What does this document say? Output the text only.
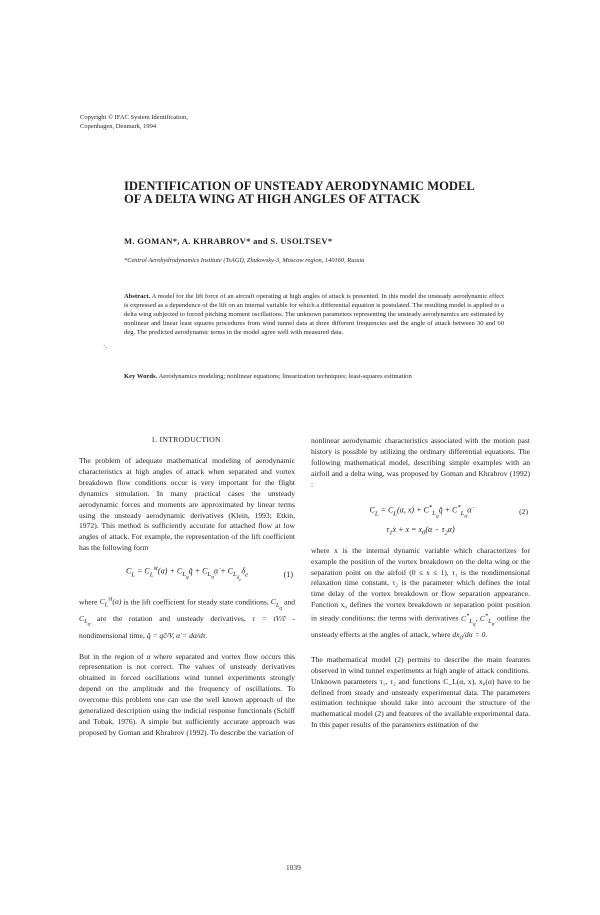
Copyright © IFAC System Identification,
Copenhagen, Denmark, 1994
IDENTIFICATION OF UNSTEADY AERODYNAMIC MODEL OF A DELTA WING AT HIGH ANGLES OF ATTACK
M. GOMAN*, A. KHRABROV* and S. USOLTSEV*
*Central Aerohydrodynamics Institute (TsAGI), Zhukovsky-3, Moscow region, 140160, Russia
Abstract. A model for the lift force of an aircraft operating at high angles of attack is presented. In this model the unsteady aerodynamic effect is expressed as a dependence of the lift on an internal variable for which a differential equation is postulated. The resulting model is applied to a delta wing subjected to forced pitching moment oscillations. The unknown parameters representing the unsteady aerodynamics are estimated by nonlinear and linear least squares procedures from wind tunnel data at three different frequencies and the angle of attack between 30 and 60 deg. The predicted aerodynamic terms in the model agree well with measured data.
·.
Key Words. Aerodynamics modeling; nonlinear equations; linearization techniques; least-squares estimation
1. INTRODUCTION

The problem of adequate mathematical modeling of aerodynamic characteristics at high angles of attack when separated and vortex breakdown flow conditions occur is very important for the flight dynamics simulation. In many practical cases the unsteady aerodynamic forces and moments are approximated by linear terms using the unsteady aerodynamic derivatives (Klein, 1993; Etkin, 1972). This method is sufficiently accurate for attached flow at low angles of attack. For example, the representation of the lift coefficient has the following form

$C_L = C_Lst(\alpha)$ + $C_{L_q}q̂$ + $C_{L_{\alphȧ}}\alphȧ + C_{L_{\delta_e}}\delta_e$	(1)

where $C_Lst(\alpha)$ is the lift coefficient for steady state conditions, $C_{L_q}$ and $C_{L_{\alphȧ}}$ are the rotation and unsteady derivatives, τ = tV/c̄ - nondimensional time, q̂ = qc̄/V, α̇ = dα/dτ.

But in the region of α where separated and vortex flow occurs this representation is not correct. The values of unsteady derivatives obtained in forced oscillations wind tunnel experiments strongly depend on the amplitude and the frequency of oscillations. To overcome this problem one can use the well known approach of the generalized description using the indicial response functionals (Schiff and Tobak, 1976). A simple but sufficiently accurate approach was proposed by Goman and Khrabrov (1992). To describe the variation of

nonlinear aerodynamic characteristics associated with the motion past history is possible by utilizing the ordinary differential equations. The following mathematical model, describing simple examples with an airfoil and a delta wing, was proposed by Goman and Khrabrov (1992) :

$C_L = C_L(\alpha$, $x) + C^*_{L_q}q̂$ + $C^*_{L_{\alphȧ}}\alphȧ$
$\tau_1ẋ + x = x_0(\alpha$ − $\tau_2\alphȧ$)
(2)

where x is the internal dynamic variable which characterizes for example the position of the vortex breakdown on the delta wing or the separation point on the airfoil (0 ≤ x ≤ 1), τ₁ is the nondimensional relaxation time constant, τ₂ is the parameter which defines the total time delay of the vortex breakdown or flow separation appearance. Function x₀ defines the vortex breakdown or separation point position in steady conditions; the terms with derivatives $C^*_{L_q}$, $C^*_{L_{\alphȧ}}$ outline the unsteady effects at the angles of attack, where $dx_0/d\alpha = 0$.

The mathematical model (2) permits to describe the main features observed in wind tunnel experiments at high angle of attack conditions. Unknown parameters τ₁, τ₂ and functions C_L(α, x), x₀(α) have to be defined from steady and unsteady experimental data. The parameters estimation technique should take into account the structure of the mathematical model (2) and features of the available experimental data. In this paper results of the parameters estimation of the

1039
